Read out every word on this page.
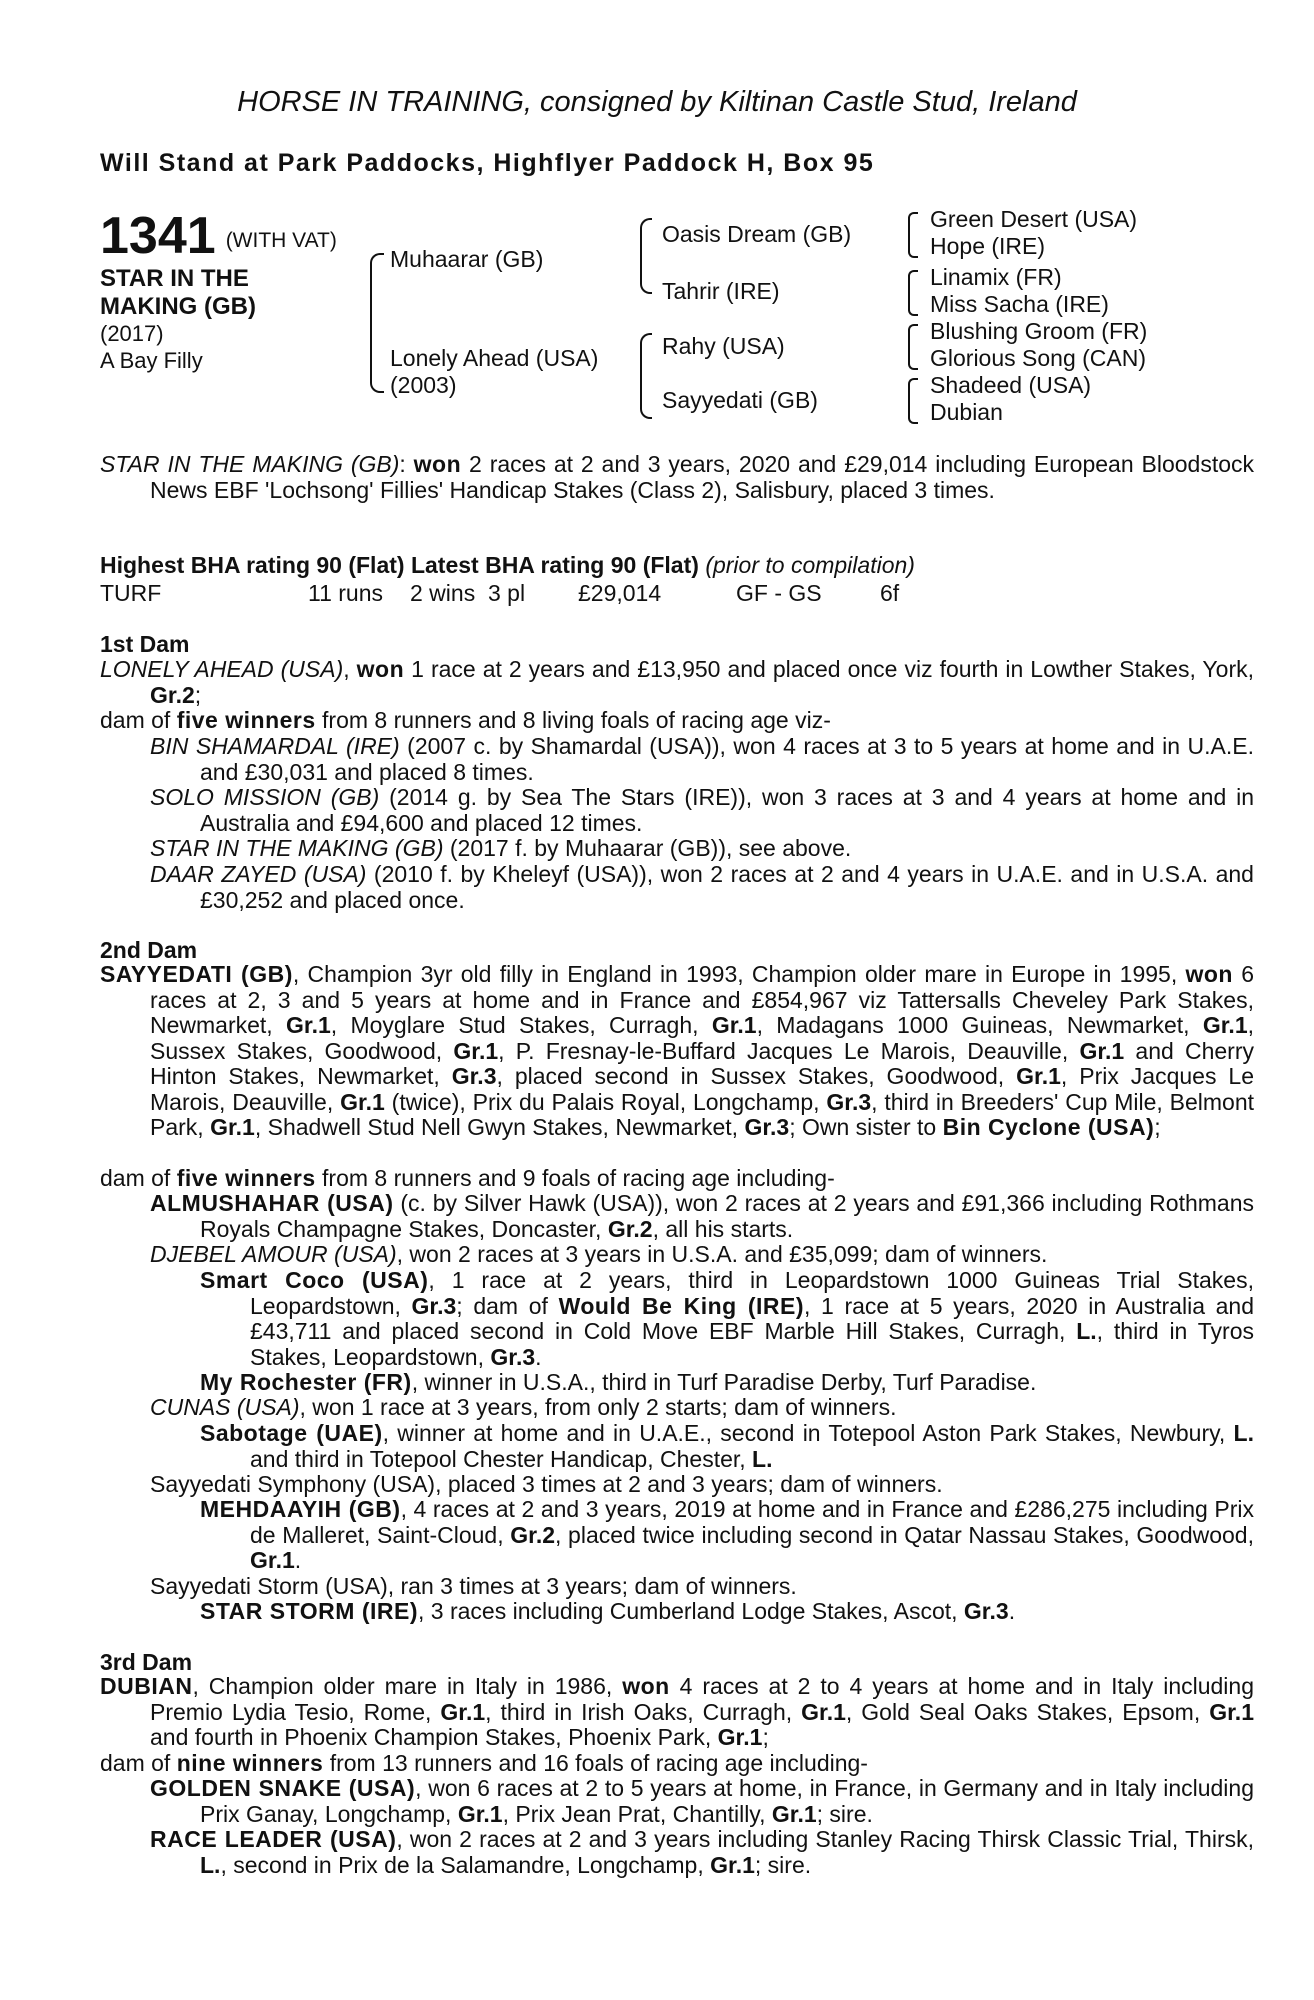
HORSE IN TRAINING, consigned by Kiltinan Castle Stud, Ireland
Will Stand at Park Paddocks, Highflyer Paddock H, Box 95
1341 (WITH VAT)
STAR IN THE
MAKING (GB)
(2017)
A Bay Filly
Muhaarar (GB)
Lonely Ahead (USA)
(2003)
Oasis Dream (GB)
Tahrir (IRE)
Rahy (USA)
Sayyedati (GB)
Green Desert (USA)
Hope (IRE)
Linamix (FR)
Miss Sacha (IRE)
Blushing Groom (FR)
Glorious Song (CAN)
Shadeed (USA)
Dubian
STAR IN THE MAKING (GB): won 2 races at 2 and 3 years, 2020 and £29,014 including European Bloodstock News EBF 'Lochsong' Fillies' Handicap Stakes (Class 2), Salisbury, placed 3 times.
Highest BHA rating 90 (Flat) Latest BHA rating 90 (Flat) (prior to compilation)
TURF	11 runs 2 wins 3 pl £29,014	GF - GS	6f
1st Dam
LONELY AHEAD (USA), won 1 race at 2 years and £13,950 and placed once viz fourth in Lowther Stakes, York, Gr.2;
dam of five winners from 8 runners and 8 living foals of racing age viz-
BIN SHAMARDAL (IRE) (2007 c. by Shamardal (USA)), won 4 races at 3 to 5 years at home and in U.A.E. and £30,031 and placed 8 times.
SOLO MISSION (GB) (2014 g. by Sea The Stars (IRE)), won 3 races at 3 and 4 years at home and in Australia and £94,600 and placed 12 times.
STAR IN THE MAKING (GB) (2017 f. by Muhaarar (GB)), see above.
DAAR ZAYED (USA) (2010 f. by Kheleyf (USA)), won 2 races at 2 and 4 years in U.A.E. and in U.S.A. and £30,252 and placed once.
2nd Dam
SAYYEDATI (GB), Champion 3yr old filly in England in 1993, Champion older mare in Europe in 1995, won 6 races at 2, 3 and 5 years at home and in France and £854,967 viz Tattersalls Cheveley Park Stakes, Newmarket, Gr.1, Moyglare Stud Stakes, Curragh, Gr.1, Madagans 1000 Guineas, Newmarket, Gr.1, Sussex Stakes, Goodwood, Gr.1, P. Fresnay-le-Buffard Jacques Le Marois, Deauville, Gr.1 and Cherry Hinton Stakes, Newmarket, Gr.3, placed second in Sussex Stakes, Goodwood, Gr.1, Prix Jacques Le Marois, Deauville, Gr.1 (twice), Prix du Palais Royal, Longchamp, Gr.3, third in Breeders' Cup Mile, Belmont Park, Gr.1, Shadwell Stud Nell Gwyn Stakes, Newmarket, Gr.3; Own sister to Bin Cyclone (USA);
dam of five winners from 8 runners and 9 foals of racing age including-
ALMUSHAHAR (USA) (c. by Silver Hawk (USA)), won 2 races at 2 years and £91,366 including Rothmans Royals Champagne Stakes, Doncaster, Gr.2, all his starts.
DJEBEL AMOUR (USA), won 2 races at 3 years in U.S.A. and £35,099; dam of winners.
Smart Coco (USA), 1 race at 2 years, third in Leopardstown 1000 Guineas Trial Stakes, Leopardstown, Gr.3; dam of Would Be King (IRE), 1 race at 5 years, 2020 in Australia and £43,711 and placed second in Cold Move EBF Marble Hill Stakes, Curragh, L., third in Tyros Stakes, Leopardstown, Gr.3.
My Rochester (FR), winner in U.S.A., third in Turf Paradise Derby, Turf Paradise.
CUNAS (USA), won 1 race at 3 years, from only 2 starts; dam of winners.
Sabotage (UAE), winner at home and in U.A.E., second in Totepool Aston Park Stakes, Newbury, L. and third in Totepool Chester Handicap, Chester, L.
Sayyedati Symphony (USA), placed 3 times at 2 and 3 years; dam of winners.
MEHDAAYIH (GB), 4 races at 2 and 3 years, 2019 at home and in France and £286,275 including Prix de Malleret, Saint-Cloud, Gr.2, placed twice including second in Qatar Nassau Stakes, Goodwood, Gr.1.
Sayyedati Storm (USA), ran 3 times at 3 years; dam of winners.
STAR STORM (IRE), 3 races including Cumberland Lodge Stakes, Ascot, Gr.3.
3rd Dam
DUBIAN, Champion older mare in Italy in 1986, won 4 races at 2 to 4 years at home and in Italy including Premio Lydia Tesio, Rome, Gr.1, third in Irish Oaks, Curragh, Gr.1, Gold Seal Oaks Stakes, Epsom, Gr.1 and fourth in Phoenix Champion Stakes, Phoenix Park, Gr.1;
dam of nine winners from 13 runners and 16 foals of racing age including-
GOLDEN SNAKE (USA), won 6 races at 2 to 5 years at home, in France, in Germany and in Italy including Prix Ganay, Longchamp, Gr.1, Prix Jean Prat, Chantilly, Gr.1; sire.
RACE LEADER (USA), won 2 races at 2 and 3 years including Stanley Racing Thirsk Classic Trial, Thirsk, L., second in Prix de la Salamandre, Longchamp, Gr.1; sire.
